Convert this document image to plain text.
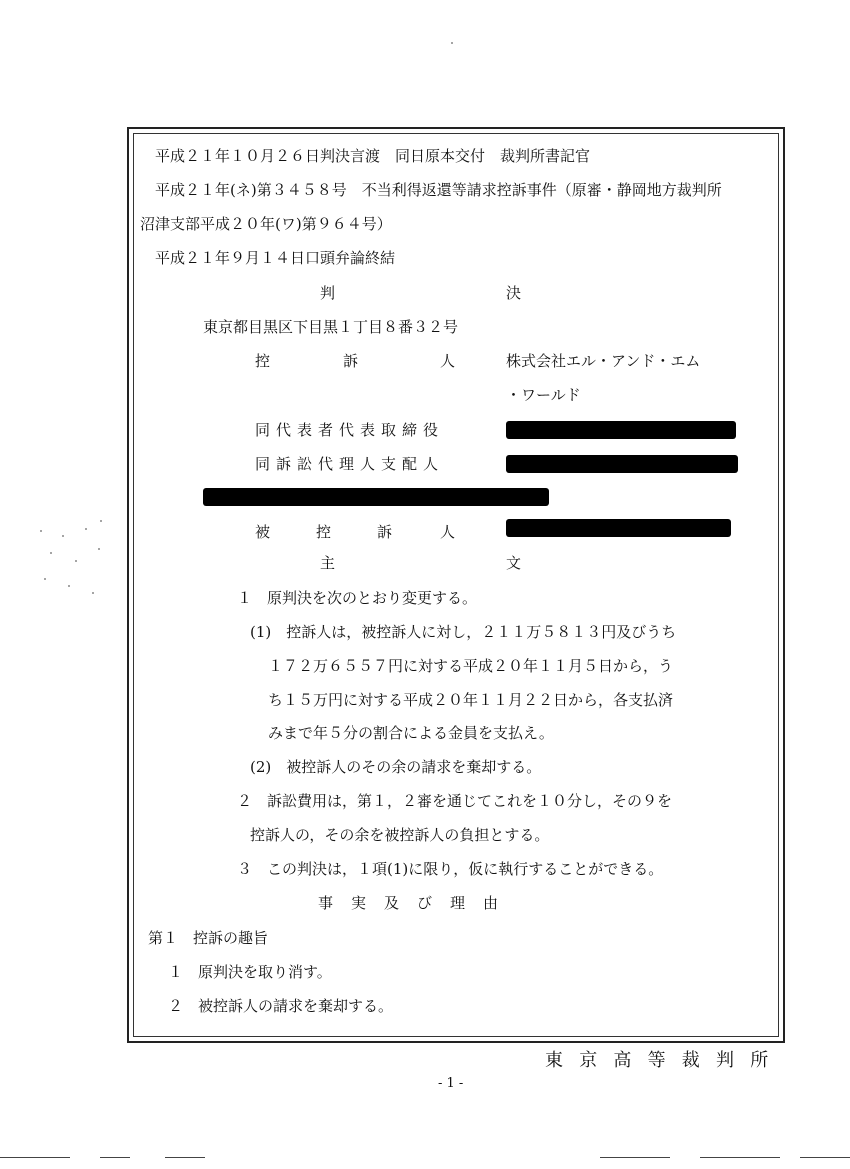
平成２１年１０月２６日判決言渡　同日原本交付　裁判所書記官
平成２１年(ネ)第３４５８号　不当利得返還等請求控訴事件（原審・静岡地方裁判所
沼津支部平成２０年(ワ)第９６４号）
平成２１年９月１４日口頭弁論終結
判	決
東京都目黒区下目黒１丁目８番３２号
控	訴	人	株式会社エル・アンド・エム
・ワールド
同代表者代表取締役
同訴訟代理人支配人
被	控	訴	人
主	文
１　原判決を次のとおり変更する。
(1)　控訴人は，被控訴人に対し，２１１万５８１３円及びうち
１７２万６５５７円に対する平成２０年１１月５日から，う
ち１５万円に対する平成２０年１１月２２日から，各支払済
みまで年５分の割合による金員を支払え。
(2)　被控訴人のその余の請求を棄却する。
２　訴訟費用は，第１，２審を通じてこれを１０分し，その９を
控訴人の，その余を被控訴人の負担とする。
３　この判決は，１項(1)に限り，仮に執行することができる。
事実及び理由
第１　控訴の趣旨
１　原判決を取り消す。
２　被控訴人の請求を棄却する。
東京高等裁判所
- 1 -
